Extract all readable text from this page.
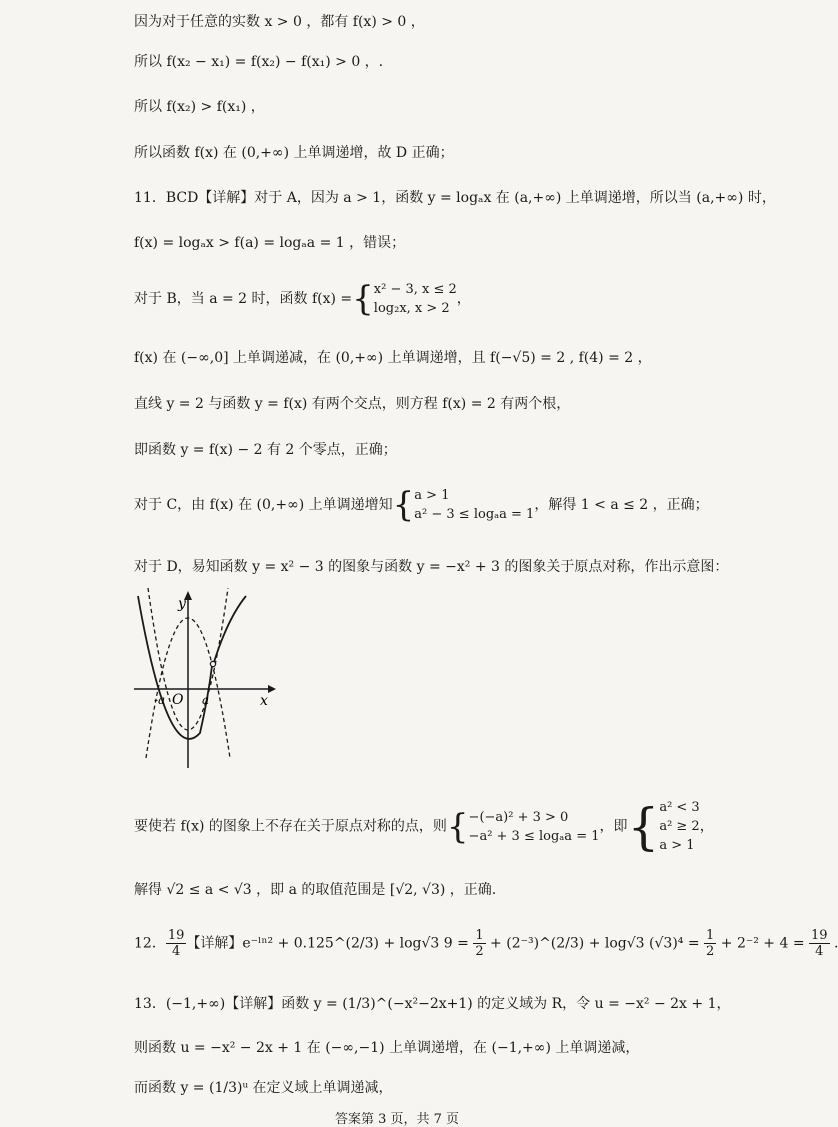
因为对于任意的实数 x > 0 ，都有 f(x) > 0 ，
所以 f(x₂ − x₁) = f(x₂) − f(x₁) > 0 ，.
所以 f(x₂) > f(x₁) ，
所以函数 f(x) 在 (0,+∞) 上单调递增，故 D 正确；
11．BCD【详解】对于 A，因为 a > 1，函数 y = logₐx 在 (a,+∞) 上单调递增，所以当 (a,+∞) 时，
f(x) = logₐx > f(a) = logₐa = 1 ，错误；
对于 B，当 a = 2 时，函数 f(x) ={x² − 3, x ≤ 2
log₂x, x > 2，
f(x) 在 (−∞,0] 上单调递减，在 (0,+∞) 上单调递增，且 f(−√5) = 2 , f(4) = 2 ，
直线 y = 2 与函数 y = f(x) 有两个交点，则方程 f(x) = 2 有两个根，
即函数 y = f(x) − 2 有 2 个零点，正确；
对于 C，由 f(x) 在 (0,+∞) 上单调递增知{a > 1
a² − 3 ≤ logₐa = 1，解得 1 < a ≤ 2 ，正确；
对于 D，易知函数 y = x² − 3 的图象与函数 y = −x² + 3 的图象关于原点对称，作出示意图：
y
x
O
-a	a
要使若 f(x) 的图象上不存在关于原点对称的点，则{−(−a)² + 3 > 0
−a² + 3 ≤ logₐa = 1，即{a² < 3
a² ≥ 2
a > 1，
解得 √2 ≤ a < √3 ，即 a 的取值范围是 [√2, √3) ，正确.
12． $\frac{19}{4}$ 【详解】e⁻ˡⁿ² + 0.125^(2/3) + log√3 $9 = \frac{1}{2}$ + (2⁻³)^(2/3) + log√3 $(√3)^4 = \frac{1}{2} + 2^{-2} + 4 = \frac{19}{4}$ .
13．(−1,+∞)【详解】函数 y = (1/3)^(−x²−2x+1) 的定义域为 R，令 u = −x² − 2x + 1，
则函数 u = −x² − 2x + 1 在 (−∞,−1) 上单调递增，在 (−1,+∞) 上单调递减，
而函数 y = (1/3)ᵘ 在定义域上单调递减，
答案第 3 页，共 7 页
